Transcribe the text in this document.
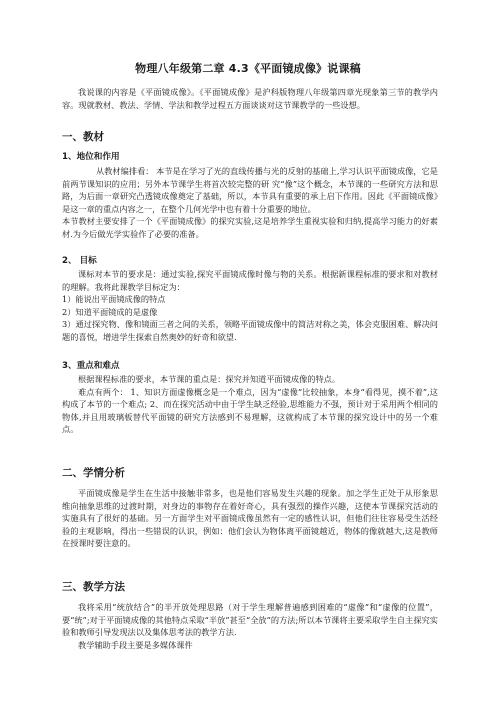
物理八年级第二章 4.3《平面镜成像》说课稿

我说课的内容是《平面镜成像》。《平面镜成像》是沪科版物理八年级第四章光现象第三节的教学内容。现就教材、教法、学情、学法和教学过程五方面谈谈对这节课教学的一些设想。

一、教材

1、地位和作用

从教材编排看： 本节是在学习了光的直线传播与光的反射的基础上,学习认识平面镜成像，它是前两节课知识的应用；另外本节课学生将首次较完整的研 究“像”这个概念，本节课的一些研究方法和思路，为后面一章研究凸透镜成像奠定了基础，所以，本节具有重要的承上启下作用。因此《平面镜成像》是这一章的重点内容之一，在整个几何光学中也有着十分重要的地位。

本节教材主要安排了一个《平面镜成像》的探究实验,这是培养学生重视实验和归纳,提高学习能力的好素材.为今后做光学实验作了必要的准备。

2、 目标

课标对本节的要求是：通过实验,探究平面镜成像时像与物的关系。根据新课程标准的要求和对教材的理解。我将此课教学目标定为：

1）能说出平面镜成像的特点

2）知道平面镜成的是虚像

3）通过探究物、像和镜面三者之间的关系，领略平面镜成像中的简洁对称之美，体会克服困难、解决问题的喜悦，增进学生探索自然奥妙的好奇和欲望.

3、重点和难点

根据课程标准的要求，本节课的重点是：探究并知道平面镜成像的特点。

难点有两个： 1、知识方面虚像概念是一个难点，因为“虚像”比较抽象，本身“看得见，摸不着”,这构成了本节的一个难点; 2、而在探究活动中由于学生缺乏经验,思维能力不强，预计对于采用两个相同的物体,并且用玻璃板替代平面镜的研究方法感到不易理解，这就构成了本节课的探究设计中的另一个难点。

二、学情分析

平面镜成像是学生在生活中接触非常多，也是他们容易发生兴趣的现象。加之学生正处于从形象思维向抽象思维的过渡时期，对身边的事物存在着好奇心，具有强烈的操作兴趣，这使本节课探究活动的实施具有了很好的基础。另一方面学生对平面镜成像虽然有一定的感性认识，但他们往往容易受生活经验的主观影响，得出一些错误的认识，例如：他们会认为物体离平面镜越近，物体的像就越大,这是教师在授课时要注意的。

三、教学方法

我将采用“统放结合”的半开放处理思路（对于学生理解普遍感到困难的“虚像”和“虚像的位置”，要“统”;对于平面镜成像的其他特点采取“半放”甚至“全放”的方法;所以本节课将主要采取学生自主探究实验和教师引导发现法以及集体思考法的教学方法.

教学辅助手段主要是多媒体课件
